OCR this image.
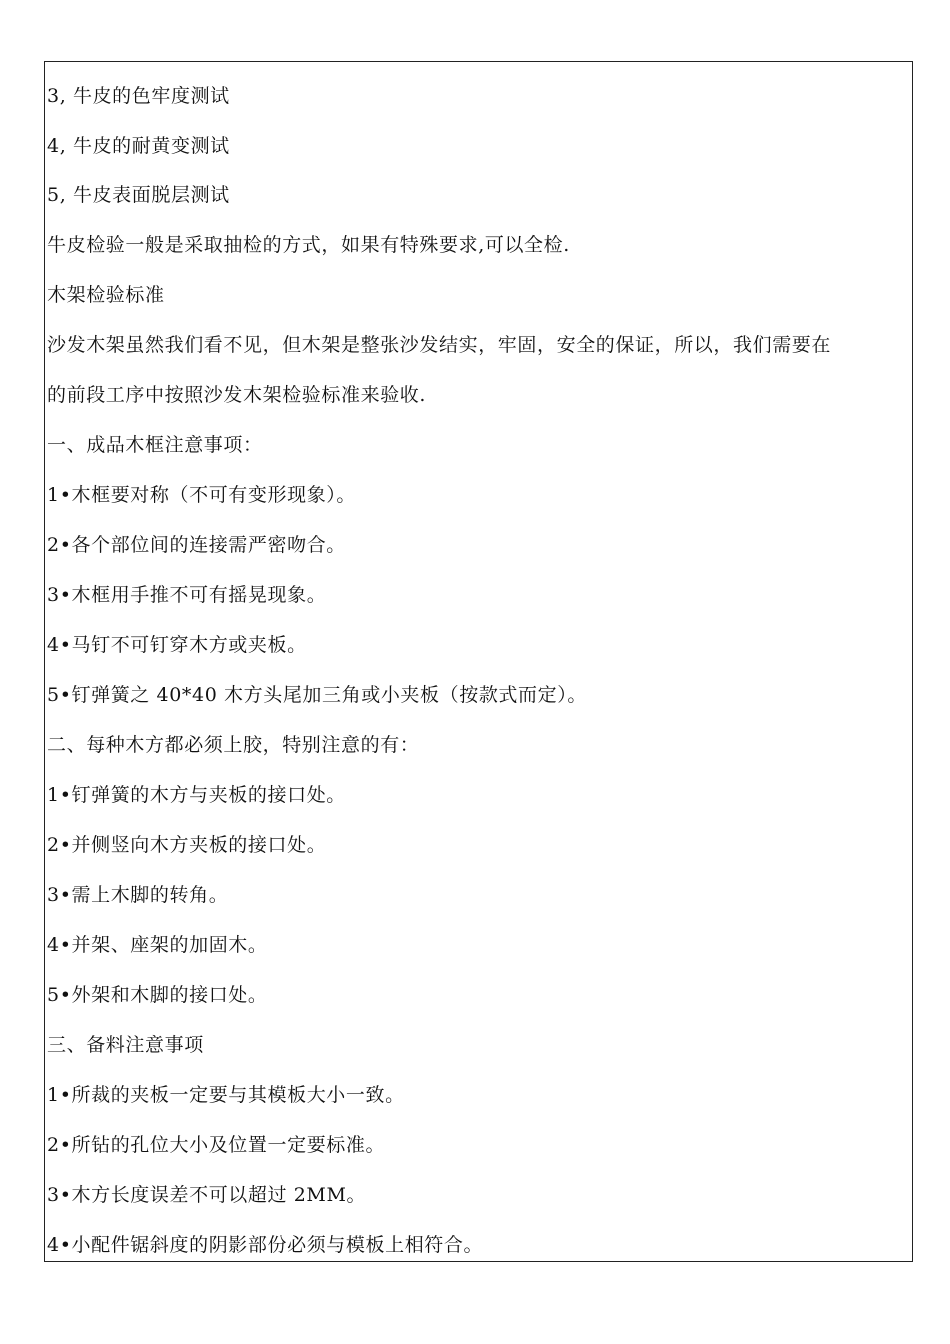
3, 牛皮的色牢度测试
4, 牛皮的耐黄变测试
5, 牛皮表面脱层测试
牛皮检验一般是采取抽检的方式，如果有特殊要求,可以全检.
木架检验标准
沙发木架虽然我们看不见，但木架是整张沙发结实，牢固，安全的保证，所以，我们需要在
的前段工序中按照沙发木架检验标准来验收.
一、成品木框注意事项：
1•木框要对称（不可有变形现象）。
2•各个部位间的连接需严密吻合。
3•木框用手推不可有摇晃现象。
4•马钉不可钉穿木方或夹板。
5•钉弹簧之 40*40 木方头尾加三角或小夹板（按款式而定）。
二、每种木方都必须上胶，特别注意的有：
1•钉弹簧的木方与夹板的接口处。
2•并侧竖向木方夹板的接口处。
3•需上木脚的转角。
4•并架、座架的加固木。
5•外架和木脚的接口处。
三、备料注意事项
1•所裁的夹板一定要与其模板大小一致。
2•所钻的孔位大小及位置一定要标准。
3•木方长度误差不可以超过 2MM。
4•小配件锯斜度的阴影部份必须与模板上相符合。
